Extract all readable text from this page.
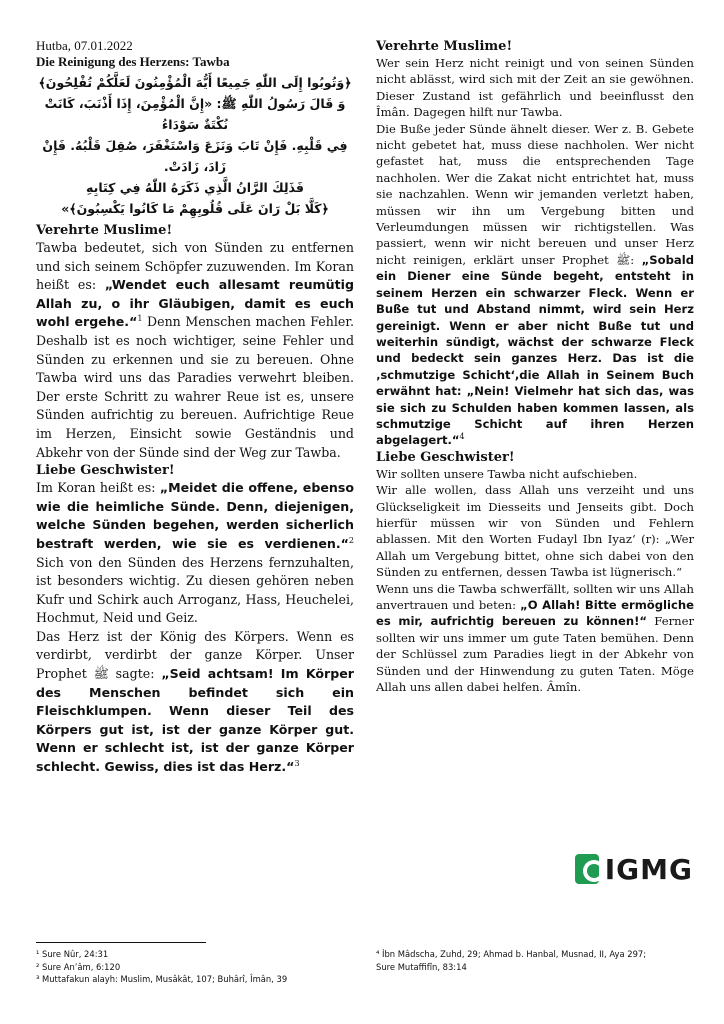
Hutba, 07.01.2022
Die Reinigung des Herzens: Tawba
﴿وَتُوبُوا إِلَى اللّٰهِ جَمِيعًا أَيُّهَ الْمُؤْمِنُونَ لَعَلَّكُمْ تُفْلِحُونَ﴾
وَ قَالَ رَسُولُ اللّٰهِ ﷺ: «إِنَّ الْمُؤْمِنَ، إِذَا أَذْنَبَ، كَانَتْ نُكْتَةٌ سَوْدَاءُ
فِي قَلْبِهِ. فَإِنْ تَابَ وَنَزَعَ وَاسْتَغْفَرَ، صُقِلَ قَلْبُهُ. فَإِنْ زَادَ، زَادَتْ.
فَذَلِكَ الرَّانُ الَّذِي ذَكَرَهُ اللّٰهُ فِي كِتَابِهِ
﴿كَلَّا بَلْ رَانَ عَلَى قُلُوبِهِمْ مَا كَانُوا يَكْسِبُونَ﴾»
Verehrte Muslime!
Tawba bedeutet, sich von Sünden zu entfernen und sich seinem Schöpfer zuzuwenden. Im Koran heißt es: „Wendet euch allesamt reumütig Allah zu, o ihr Gläubigen, damit es euch wohl ergehe.“$^1$ Denn Menschen machen Fehler. Deshalb ist es noch wichtiger, seine Fehler und Sünden zu erkennen und sie zu bereuen. Ohne Tawba wird uns das Paradies verwehrt bleiben. Der erste Schritt zu wahrer Reue ist es, unsere Sünden aufrichtig zu bereuen. Aufrichtige Reue im Herzen, Einsicht sowie Geständnis und Abkehr von der Sünde sind der Weg zur Tawba.
Liebe Geschwister!
Im Koran heißt es: „Meidet die offene, ebenso wie die heimliche Sünde. Denn, diejenigen, welche Sünden begehen, werden sicherlich bestraft werden, wie sie es verdienen.“$^2$ Sich von den Sünden des Herzens fernzuhalten, ist besonders wichtig. Zu diesen gehören neben Kufr und Schirk auch Arroganz, Hass, Heuchelei, Hochmut, Neid und Geiz.
Das Herz ist der König des Körpers. Wenn es verdirbt, verdirbt der ganze Körper. Unser Prophet ﷺ sagte: „Seid achtsam! Im Körper des Menschen befindet sich ein Fleischklumpen. Wenn dieser Teil des Körpers gut ist, ist der ganze Körper gut. Wenn er schlecht ist, ist der ganze Körper schlecht. Gewiss, dies ist das Herz.“$^3$
Verehrte Muslime!
Wer sein Herz nicht reinigt und von seinen Sünden nicht ablässt, wird sich mit der Zeit an sie gewöhnen. Dieser Zustand ist gefährlich und beeinflusst den Îmân. Dagegen hilft nur Tawba.
Die Buße jeder Sünde ähnelt dieser. Wer z. B. Gebete nicht gebetet hat, muss diese nachholen. Wer nicht gefastet hat, muss die entsprechenden Tage nachholen. Wer die Zakat nicht entrichtet hat, muss sie nachzahlen. Wenn wir jemanden verletzt haben, müssen wir ihn um Vergebung bitten und Verleumdungen müssen wir richtigstellen. Was passiert, wenn wir nicht bereuen und unser Herz nicht reinigen, erklärt unser Prophet ﷺ: „Sobald ein Diener eine Sünde begeht, entsteht in seinem Herzen ein schwarzer Fleck. Wenn er Buße tut und Abstand nimmt, wird sein Herz gereinigt. Wenn er aber nicht Buße tut und weiterhin sündigt, wächst der schwarze Fleck und bedeckt sein ganzes Herz. Das ist die ‚schmutzige Schicht‘,die Allah in Seinem Buch erwähnt hat: „Nein! Vielmehr hat sich das, was sie sich zu Schulden haben kommen lassen, als schmutzige Schicht auf ihren Herzen abgelagert.“$^4$
Liebe Geschwister!
Wir sollten unsere Tawba nicht aufschieben.
Wir alle wollen, dass Allah uns verzeiht und uns Glückseligkeit im Diesseits und Jenseits gibt. Doch hierfür müssen wir von Sünden und Fehlern ablassen. Mit den Worten Fudayl Ibn Iyaz‘ (r): „Wer Allah um Vergebung bittet, ohne sich dabei von den Sünden zu entfernen, dessen Tawba ist lügnerisch.“
Wenn uns die Tawba schwerfällt, sollten wir uns Allah anvertrauen und beten: „O Allah! Bitte ermögliche es mir, aufrichtig bereuen zu können!“ Ferner sollten wir uns immer um gute Taten bemühen. Denn der Schlüssel zum Paradies liegt in der Abkehr von Sünden und der Hinwendung zu guten Taten. Möge Allah uns allen dabei helfen. Âmîn.
IGMG
¹ Sure Nûr, 24:31
² Sure An’âm, 6:120
³ Muttafakun alayh: Muslim, Musâkât, 107; Buhârî, Îmân, 39
⁴ İbn Mâdscha, Zuhd, 29; Ahmad b. Hanbal, Musnad, II, Aya 297;
Sure Mutaffifîn, 83:14
